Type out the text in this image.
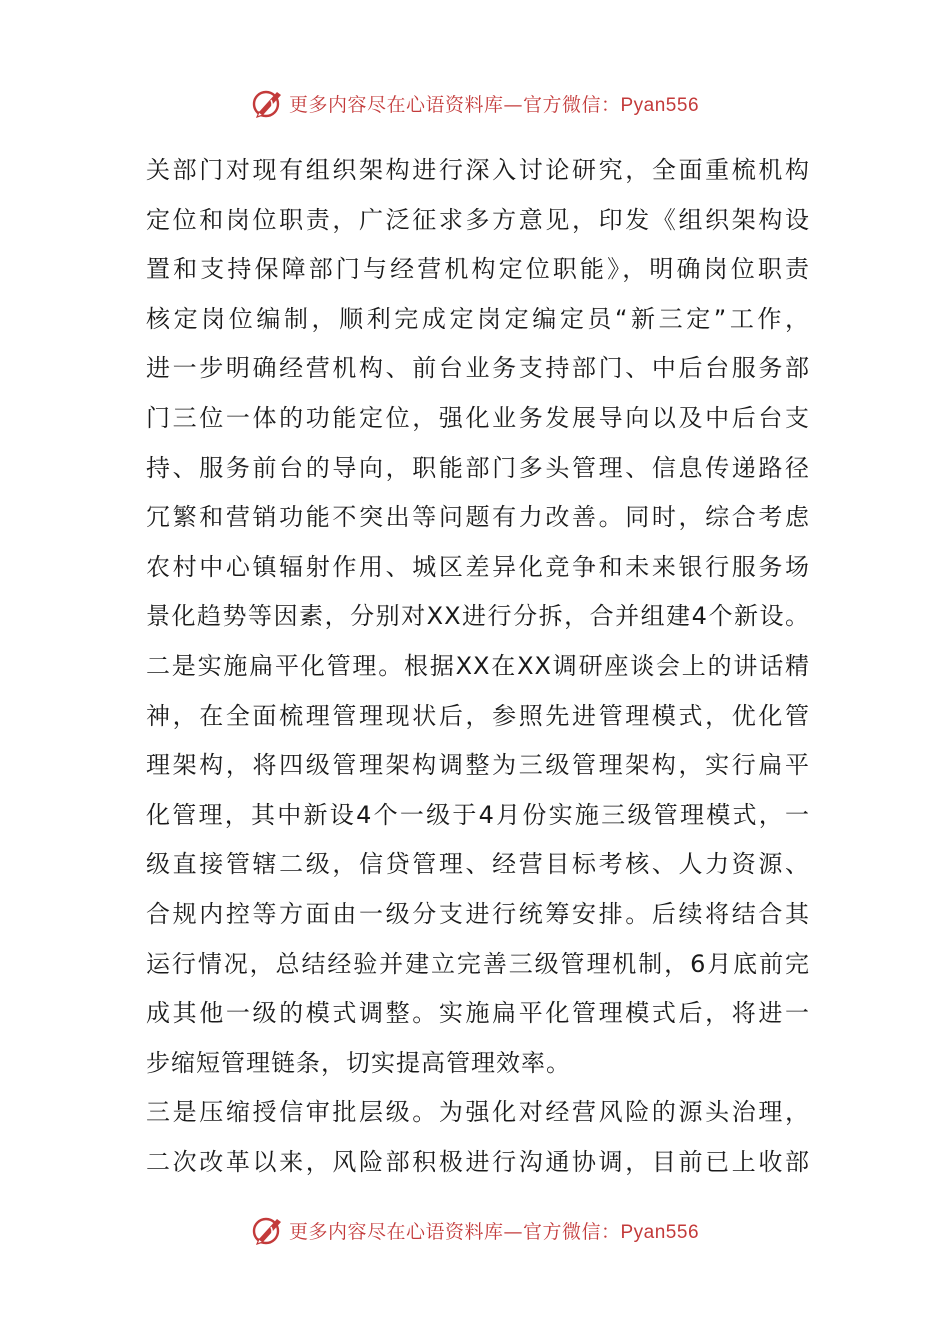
更多内容尽在心语资料库—官方微信：Pyan556
关部门对现有组织架构进行深入讨论研究，全面重梳机构
定位和岗位职责，广泛征求多方意见，印发《组织架构设
置和支持保障部门与经营机构定位职能》，明确岗位职责
核定岗位编制，顺利完成定岗定编定员“新三定”工作，
进一步明确经营机构、前台业务支持部门、中后台服务部
门三位一体的功能定位，强化业务发展导向以及中后台支
持、服务前台的导向，职能部门多头管理、信息传递路径
冗繁和营销功能不突出等问题有力改善。同时，综合考虑
农村中心镇辐射作用、城区差异化竞争和未来银行服务场
景化趋势等因素，分别对XX进行分拆，合并组建4个新设。
二是实施扁平化管理。根据XX在XX调研座谈会上的讲话精
神，在全面梳理管理现状后，参照先进管理模式，优化管
理架构，将四级管理架构调整为三级管理架构，实行扁平
化管理，其中新设4个一级于4月份实施三级管理模式，一
级直接管辖二级，信贷管理、经营目标考核、人力资源、
合规内控等方面由一级分支进行统筹安排。后续将结合其
运行情况，总结经验并建立完善三级管理机制，6月底前完
成其他一级的模式调整。实施扁平化管理模式后，将进一
步缩短管理链条，切实提高管理效率。
三是压缩授信审批层级。为强化对经营风险的源头治理，
二次改革以来，风险部积极进行沟通协调，目前已上收部
更多内容尽在心语资料库—官方微信：Pyan556
